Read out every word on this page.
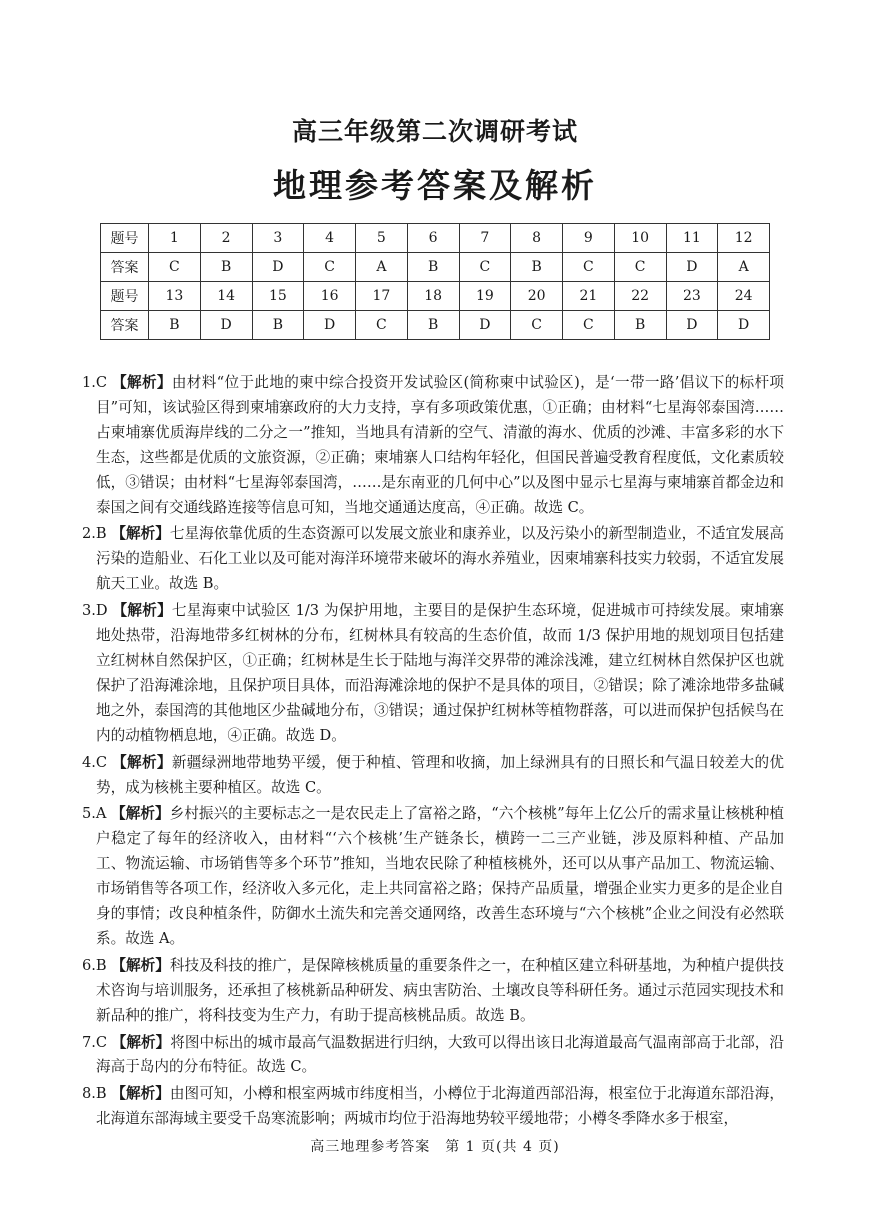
高三年级第二次调研考试
地理参考答案及解析
题号	1	2	3	4	5	6	7	8	9	10	11	12
答案	C	B	D	C	A	B	C	B	C	C	D	A
题号	13	14	15	16	17	18	19	20	21	22	23	24
答案	B	D	B	D	C	B	D	C	C	B	D	D
1.C 【解析】由材料“位于此地的柬中综合投资开发试验区(简称柬中试验区)，是‘一带一路’倡议下的标杆项目”可知，该试验区得到柬埔寨政府的大力支持，享有多项政策优惠，①正确；由材料“七星海邻泰国湾……占柬埔寨优质海岸线的二分之一”推知，当地具有清新的空气、清澈的海水、优质的沙滩、丰富多彩的水下生态，这些都是优质的文旅资源，②正确；柬埔寨人口结构年轻化，但国民普遍受教育程度低，文化素质较低，③错误；由材料“七星海邻泰国湾，……是东南亚的几何中心”以及图中显示七星海与柬埔寨首都金边和泰国之间有交通线路连接等信息可知，当地交通通达度高，④正确。故选 C。
2.B 【解析】七星海依靠优质的生态资源可以发展文旅业和康养业，以及污染小的新型制造业，不适宜发展高污染的造船业、石化工业以及可能对海洋环境带来破坏的海水养殖业，因柬埔寨科技实力较弱，不适宜发展航天工业。故选 B。
3.D 【解析】七星海柬中试验区 1/3 为保护用地，主要目的是保护生态环境，促进城市可持续发展。柬埔寨地处热带，沿海地带多红树林的分布，红树林具有较高的生态价值，故而 1/3 保护用地的规划项目包括建立红树林自然保护区，①正确；红树林是生长于陆地与海洋交界带的滩涂浅滩，建立红树林自然保护区也就保护了沿海滩涂地，且保护项目具体，而沿海滩涂地的保护不是具体的项目，②错误；除了滩涂地带多盐碱地之外，泰国湾的其他地区少盐碱地分布，③错误；通过保护红树林等植物群落，可以进而保护包括候鸟在内的动植物栖息地，④正确。故选 D。
4.C 【解析】新疆绿洲地带地势平缓，便于种植、管理和收摘，加上绿洲具有的日照长和气温日较差大的优势，成为核桃主要种植区。故选 C。
5.A 【解析】乡村振兴的主要标志之一是农民走上了富裕之路，“六个核桃”每年上亿公斤的需求量让核桃种植户稳定了每年的经济收入，由材料“‘六个核桃’生产链条长，横跨一二三产业链，涉及原料种植、产品加工、物流运输、市场销售等多个环节”推知，当地农民除了种植核桃外，还可以从事产品加工、物流运输、市场销售等各项工作，经济收入多元化，走上共同富裕之路；保持产品质量，增强企业实力更多的是企业自身的事情；改良种植条件，防御水土流失和完善交通网络，改善生态环境与“六个核桃”企业之间没有必然联系。故选 A。
6.B 【解析】科技及科技的推广，是保障核桃质量的重要条件之一，在种植区建立科研基地，为种植户提供技术咨询与培训服务，还承担了核桃新品种研发、病虫害防治、土壤改良等科研任务。通过示范园实现技术和新品种的推广，将科技变为生产力，有助于提高核桃品质。故选 B。
7.C 【解析】将图中标出的城市最高气温数据进行归纳，大致可以得出该日北海道最高气温南部高于北部，沿海高于岛内的分布特征。故选 C。
8.B 【解析】由图可知，小樽和根室两城市纬度相当，小樽位于北海道西部沿海，根室位于北海道东部沿海，北海道东部海域主要受千岛寒流影响；两城市均位于沿海地势较平缓地带；小樽冬季降水多于根室，
高三地理参考答案　第 1 页(共 4 页)
